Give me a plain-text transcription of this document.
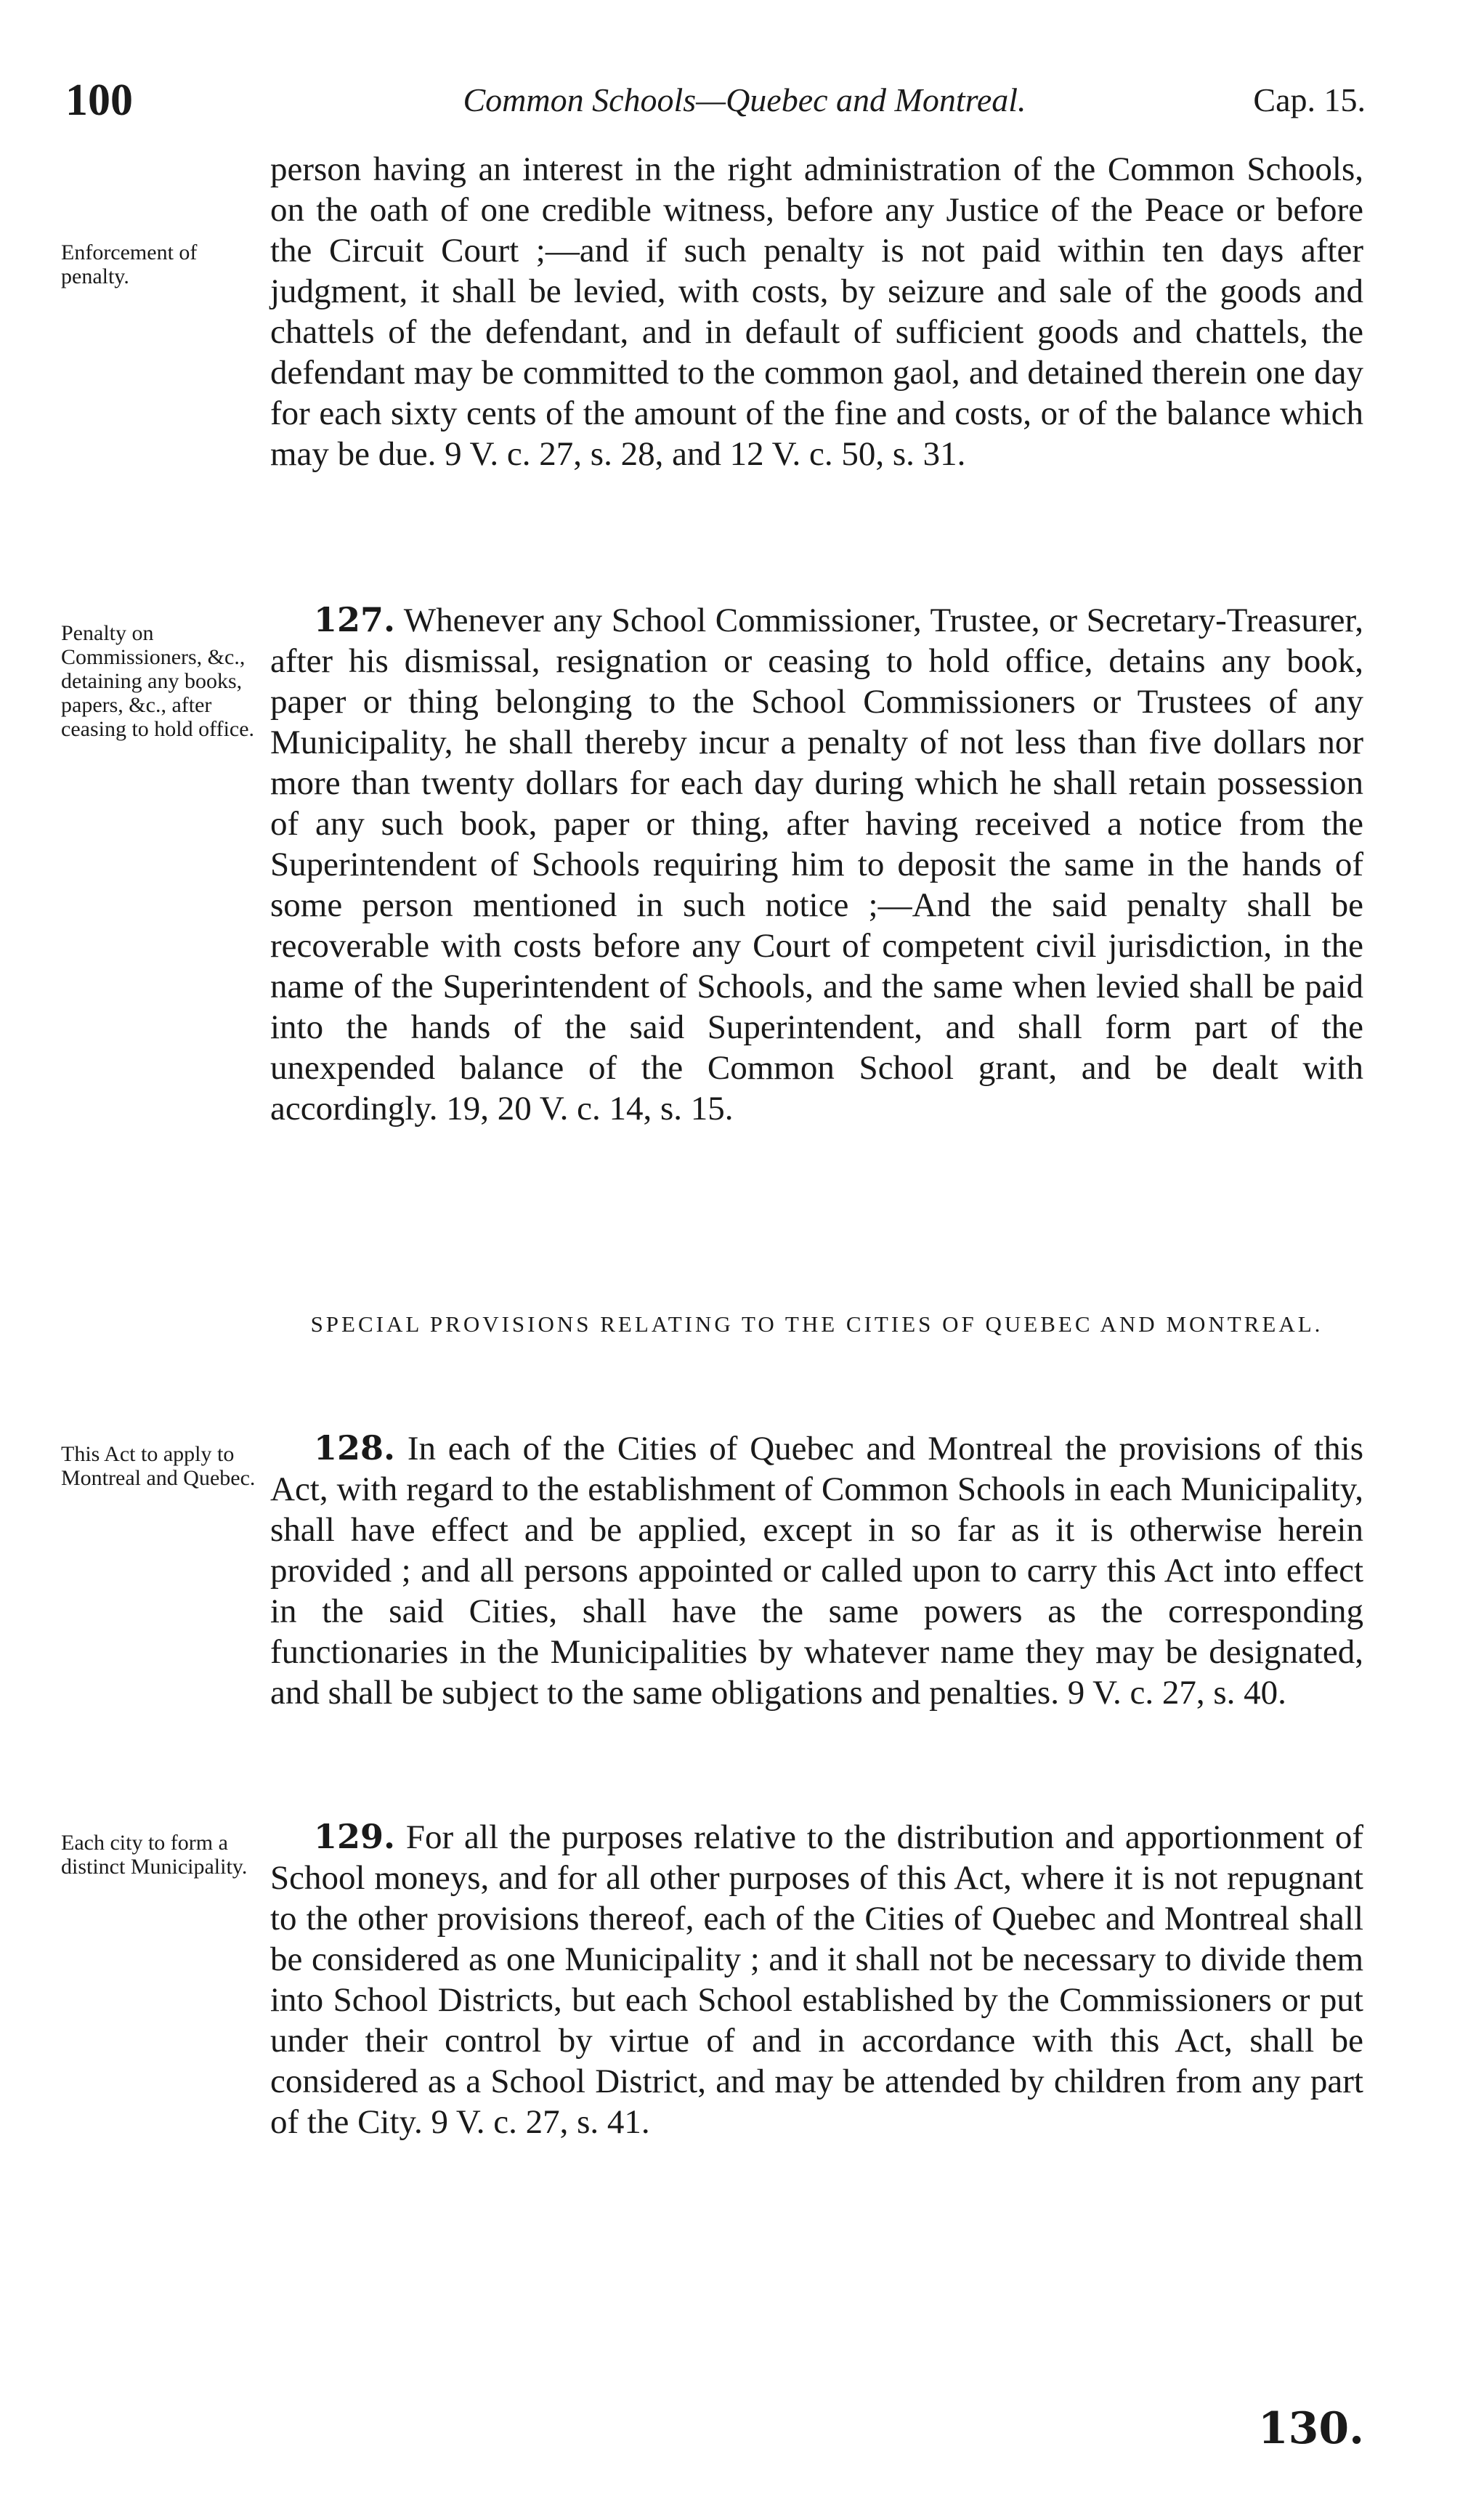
100	Common Schools—Quebec and Montreal.	Cap. 15.
Enforcement of penalty.

person having an interest in the right administration of the Common Schools, on the oath of one credible witness, before any Justice of the Peace or before the Circuit Court ;—and if such penalty is not paid within ten days after judgment, it shall be levied, with costs, by seizure and sale of the goods and chattels of the defendant, and in default of sufficient goods and chattels, the defendant may be committed to the common gaol, and detained therein one day for each sixty cents of the amount of the fine and costs, or of the balance which may be due. 9 V. c. 27, s. 28, and 12 V. c. 50, s. 31.

Penalty on Commissioners, &c., detaining any books, papers, &c., after ceasing to hold office.

127. Whenever any School Commissioner, Trustee, or Secretary-Treasurer, after his dismissal, resignation or ceasing to hold office, detains any book, paper or thing belonging to the School Commissioners or Trustees of any Municipality, he shall thereby incur a penalty of not less than five dollars nor more than twenty dollars for each day during which he shall retain possession of any such book, paper or thing, after having received a notice from the Superintendent of Schools requiring him to deposit the same in the hands of some person mentioned in such notice ;—And the said penalty shall be recoverable with costs before any Court of competent civil jurisdiction, in the name of the Superintendent of Schools, and the same when levied shall be paid into the hands of the said Superintendent, and shall form part of the unexpended balance of the Common School grant, and be dealt with accordingly. 19, 20 V. c. 14, s. 15.

SPECIAL PROVISIONS RELATING TO THE CITIES OF QUEBEC AND MONTREAL.
This Act to apply to Montreal and Quebec.

128. In each of the Cities of Quebec and Montreal the provisions of this Act, with regard to the establishment of Common Schools in each Municipality, shall have effect and be applied, except in so far as it is otherwise herein provided ; and all persons appointed or called upon to carry this Act into effect in the said Cities, shall have the same powers as the corresponding functionaries in the Municipalities by whatever name they may be designated, and shall be subject to the same obligations and penalties. 9 V. c. 27, s. 40.

Each city to form a distinct Municipality.

129. For all the purposes relative to the distribution and apportionment of School moneys, and for all other purposes of this Act, where it is not repugnant to the other provisions thereof, each of the Cities of Quebec and Montreal shall be considered as one Municipality ; and it shall not be necessary to divide them into School Districts, but each School established by the Commissioners or put under their control by virtue of and in accordance with this Act, shall be considered as a School District, and may be attended by children from any part of the City. 9 V. c. 27, s. 41.

130.
